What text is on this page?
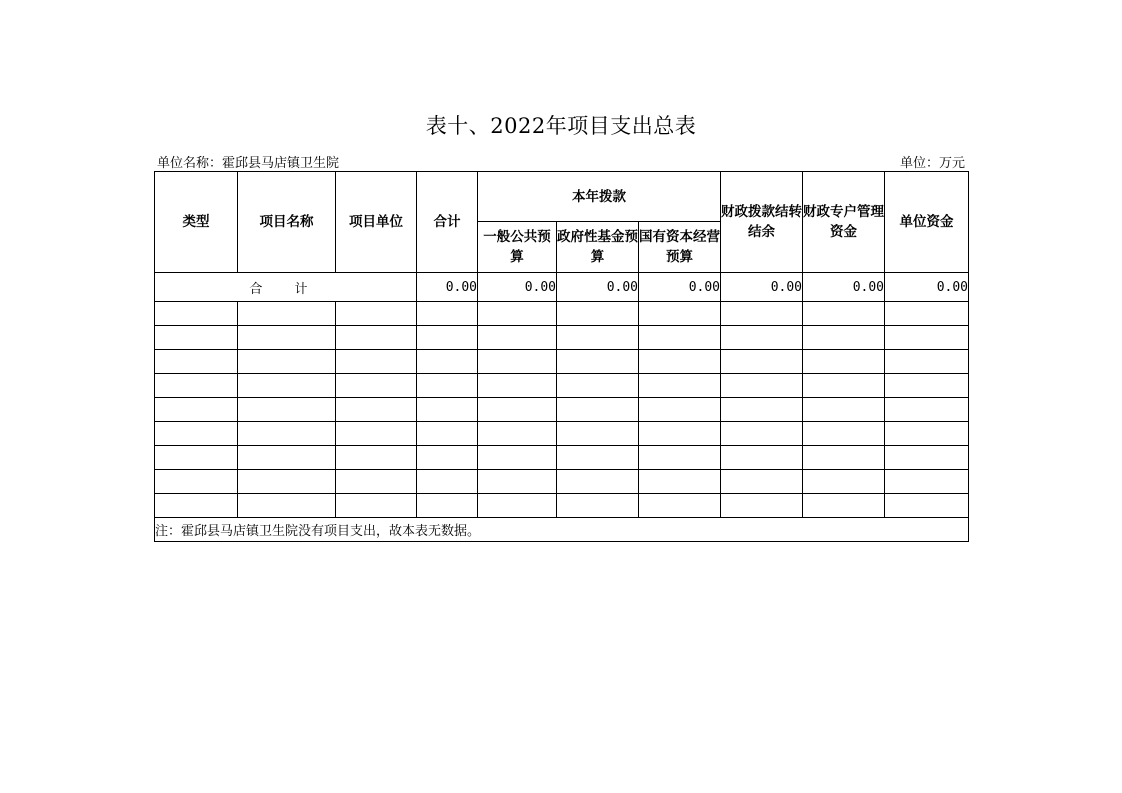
表十、2022年项目支出总表
单位名称：霍邱县马店镇卫生院	单位：万元
类型	项目名称	项目单位	合计	本年拨款			财政拨款结转结余	财政专户管理资金	单位资金
				一般公共预算	政府性基金预算	国有资本经营预算			
合 计			0.00	0.00	0.00	0.00	0.00	0.00	0.00

注：霍邱县马店镇卫生院没有项目支出，故本表无数据。									
